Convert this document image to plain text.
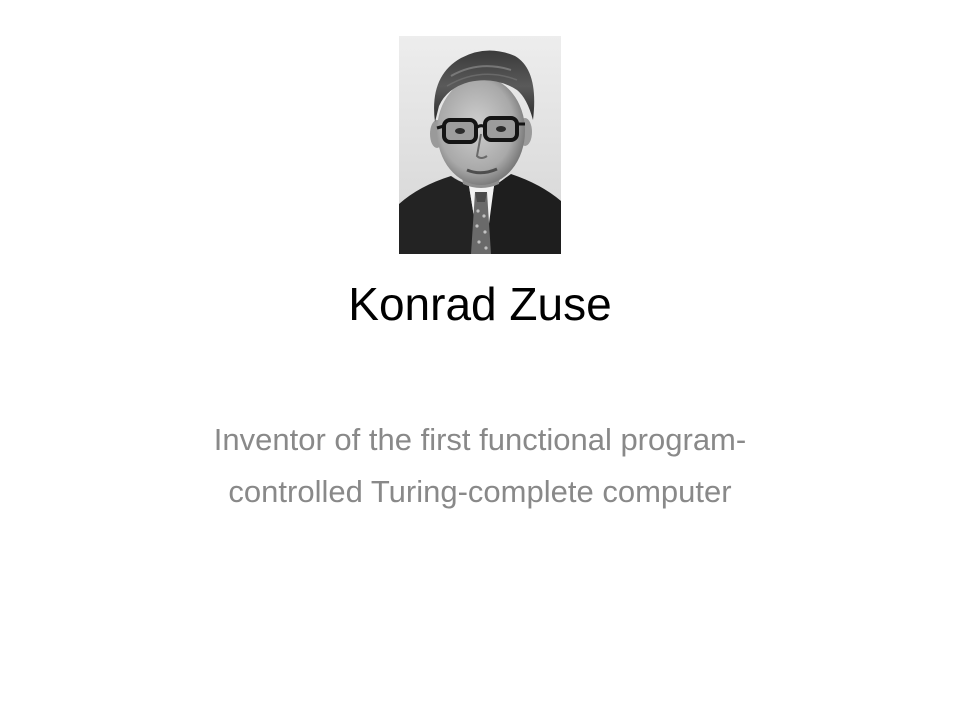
Konrad Zuse
Inventor of the first functional program-
controlled Turing-complete computer
